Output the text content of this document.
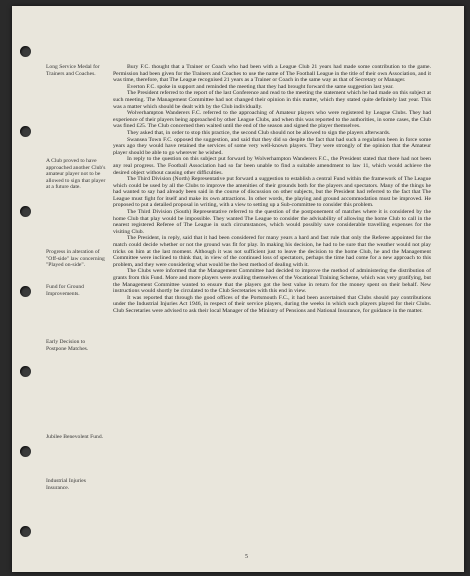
Long Service Medal for Trainers and Coaches.
A Club proved to have approached another Club's amateur player not to be allowed to sign that player at a future date.
Progress in alteration of "Off-side" law concerning "Played on-side".
Fund for Ground Improvements.
Early Decision to Postpone Matches.
Jubilee Benevolent Fund.
Industrial Injuries Insurance.

Bury F.C. thought that a Trainer or Coach who had been with a League Club 21 years had made some contribution to the game. Permission had been given for the Trainers and Coaches to use the name of The Football League in the title of their own Association, and it was time, therefore, that The League recognised 21 years as a Trainer or Coach in the same way as that of Secretary or Manager.

Everton F.C. spoke in support and reminded the meeting that they had brought forward the same suggestion last year.

The President referred to the report of the last Conference and read to the meeting the statement which he had made on this subject at such meeting. The Management Committee had not changed their opinion in this matter, which they stated quite definitely last year. This was a matter which should be dealt with by the Club individually.

Wolverhampton Wanderers F.C. referred to the approaching of Amateur players who were registered by League Clubs. They had experience of their players being approached by other League Clubs, and when this was reported to the authorities, in some cases, the Club was fined £25. The Club concerned then waited until the end of the season and signed the player themselves.

They asked that, in order to stop this practice, the second Club should not be allowed to sign the players afterwards.

Swansea Town F.C. opposed the suggestion, and said that they did so despite the fact that had such a regulation been in force some years ago they would have retained the services of some very well-known players. They were strongly of the opinion that the Amateur player should be able to go wherever he wished.

In reply to the question on this subject put forward by Wolverhampton Wanderers F.C., the President stated that there had not been any real progress. The Football Association had so far been unable to find a suitable amendment to law 11, which would achieve the desired object without causing other difficulties.

The Third Division (North) Representative put forward a suggestion to establish a central Fund within the framework of The League which could be used by all the Clubs to improve the amenities of their grounds both for the players and spectators. Many of the things he had wanted to say had already been said in the course of discussion on other subjects, but the President had referred to the fact that The League must fight for itself and make its own attractions. In other words, the playing and ground accommodation must be improved. He proposed to put a detailed proposal in writing, with a view to setting up a Sub-committee to consider this problem.

The Third Division (South) Representative referred to the question of the postponement of matches where it is considered by the home Club that play would be impossible. They wanted The League to consider the advisability of allowing the home Club to call in the nearest registered Referee of The League in such circumstances, which would possibly save considerable travelling expenses for the visiting Club.

The President, in reply, said that it had been considered for many years a hard and fast rule that only the Referee appointed for the match could decide whether or not the ground was fit for play. In making his decision, he had to be sure that the weather would not play tricks on him at the last moment. Although it was not sufficient just to leave the decision to the home Club, he and the Management Committee were inclined to think that, in view of the continued loss of spectators, perhaps the time had come for a new approach to this problem, and they were considering what would be the best method of dealing with it.

The Clubs were informed that the Management Committee had decided to improve the method of administering the distribution of grants from this Fund. More and more players were availing themselves of the Vocational Training Scheme, which was very gratifying, but the Management Committee wanted to ensure that the players got the best value in return for the money spent on their behalf. New instructions would shortly be circulated to the Club Secretaries with this end in view.

It was reported that through the good offices of the Portsmouth F.C., it had been ascertained that Clubs should pay contributions under the Industrial Injuries Act 1946, in respect of their service players, during the weeks in which such players played for their Clubs. Club Secretaries were advised to ask their local Manager of the Ministry of Pensions and National Insurance, for guidance in the matter.

5
